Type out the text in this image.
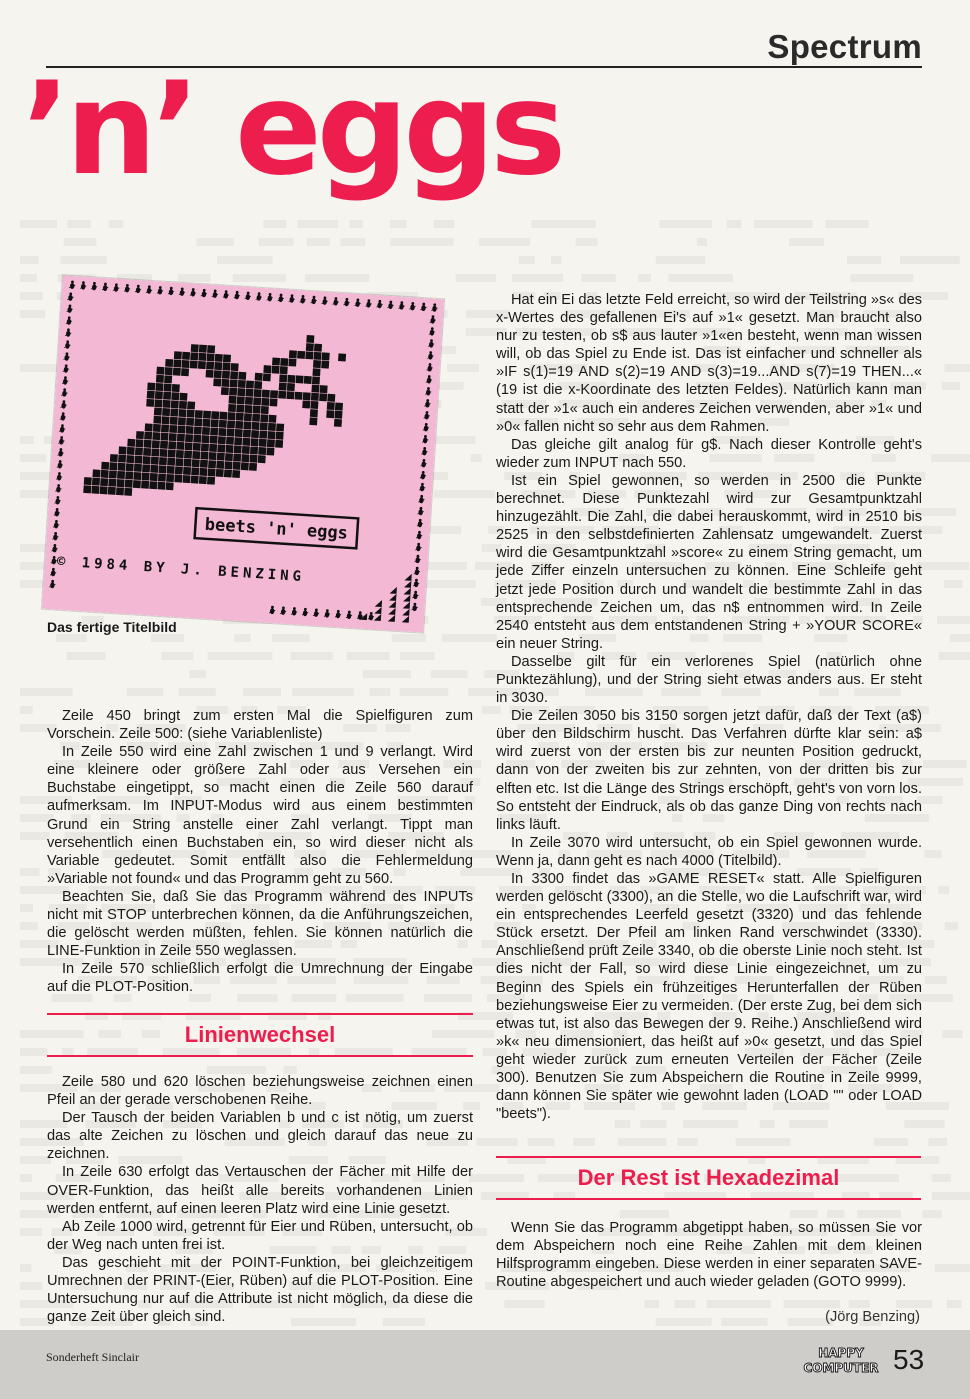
Spectrum
’n’ eggs
beets 'n' eggs
© 1984 BY J. BENZING
Das fertige Titelbild

Zeile 450 bringt zum ersten Mal die Spielfiguren zum Vorschein. Zeile 500: (siehe Variablenliste)

In Zeile 550 wird eine Zahl zwischen 1 und 9 verlangt. Wird eine kleinere oder größere Zahl oder aus Versehen ein Buchstabe eingetippt, so macht einen die Zeile 560 darauf aufmerksam. Im INPUT-Modus wird aus einem bestimmten Grund ein String anstelle einer Zahl verlangt. Tippt man versehentlich einen Buchstaben ein, so wird dieser nicht als Variable gedeutet. Somit entfällt also die Fehlermeldung »Variable not found« und das Programm geht zu 560.

Beachten Sie, daß Sie das Programm während des INPUTs nicht mit STOP unterbrechen können, da die Anführungszeichen, die gelöscht werden müßten, fehlen. Sie können natürlich die LINE-Funktion in Zeile 550 weglassen.

In Zeile 570 schließlich erfolgt die Umrechnung der Eingabe auf die PLOT-Position.

Linienwechsel

Zeile 580 und 620 löschen beziehungsweise zeichnen einen Pfeil an der gerade verschobenen Reihe.

Der Tausch der beiden Variablen b und c ist nötig, um zuerst das alte Zeichen zu löschen und gleich darauf das neue zu zeichnen.

In Zeile 630 erfolgt das Vertauschen der Fächer mit Hilfe der OVER-Funktion, das heißt alle bereits vorhandenen Linien werden entfernt, auf einen leeren Platz wird eine Linie gesetzt.

Ab Zeile 1000 wird, getrennt für Eier und Rüben, untersucht, ob der Weg nach unten frei ist.

Das geschieht mit der POINT-Funktion, bei gleichzeitigem Umrechnen der PRINT-(Eier, Rüben) auf die PLOT-Position. Eine Untersuchung nur auf die Attribute ist nicht möglich, da diese die ganze Zeit über gleich sind.

Hat ein Ei das letzte Feld erreicht, so wird der Teilstring »s« des x-Wertes des gefallenen Ei's auf »1« gesetzt. Man braucht also nur zu testen, ob s$ aus lauter »1«en besteht, wenn man wissen will, ob das Spiel zu Ende ist. Das ist einfacher und schneller als »IF s(1)=19 AND s(2)=19 AND s(3)=19...AND s(7)=19 THEN...« (19 ist die x-Koordinate des letzten Feldes). Natürlich kann man statt der »1« auch ein anderes Zeichen verwenden, aber »1« und »0« fallen nicht so sehr aus dem Rahmen.

Das gleiche gilt analog für g$. Nach dieser Kontrolle geht's wieder zum INPUT nach 550.

Ist ein Spiel gewonnen, so werden in 2500 die Punkte berechnet. Diese Punktezahl wird zur Gesamtpunktzahl hinzugezählt. Die Zahl, die dabei herauskommt, wird in 2510 bis 2525 in den selbstdefinierten Zahlensatz umgewandelt. Zuerst wird die Gesamtpunktzahl »score« zu einem String gemacht, um jede Ziffer einzeln untersuchen zu können. Eine Schleife geht jetzt jede Position durch und wandelt die bestimmte Zahl in das entsprechende Zeichen um, das n$ entnommen wird. In Zeile 2540 entsteht aus dem entstandenen String + »YOUR SCORE« ein neuer String.

Dasselbe gilt für ein verlorenes Spiel (natürlich ohne Punktezählung), und der String sieht etwas anders aus. Er steht in 3030.

Die Zeilen 3050 bis 3150 sorgen jetzt dafür, daß der Text (a$) über den Bildschirm huscht. Das Verfahren dürfte klar sein: a$ wird zuerst von der ersten bis zur neunten Position gedruckt, dann von der zweiten bis zur zehnten, von der dritten bis zur elften etc. Ist die Länge des Strings erschöpft, geht's von vorn los. So entsteht der Eindruck, als ob das ganze Ding von rechts nach links läuft.

In Zeile 3070 wird untersucht, ob ein Spiel gewonnen wurde. Wenn ja, dann geht es nach 4000 (Titelbild).

In 3300 findet das »GAME RESET« statt. Alle Spielfiguren werden gelöscht (3300), an die Stelle, wo die Laufschrift war, wird ein entsprechendes Leerfeld gesetzt (3320) und das fehlende Stück ersetzt. Der Pfeil am linken Rand verschwindet (3330). Anschließend prüft Zeile 3340, ob die oberste Linie noch steht. Ist dies nicht der Fall, so wird diese Linie eingezeichnet, um zu Beginn des Spiels ein frühzeitiges Herunterfallen der Rüben beziehungsweise Eier zu vermeiden. (Der erste Zug, bei dem sich etwas tut, ist also das Bewegen der 9. Reihe.) Anschließend wird »k« neu dimensioniert, das heißt auf »0« gesetzt, und das Spiel geht wieder zurück zum erneuten Verteilen der Fächer (Zeile 300). Benutzen Sie zum Abspeichern die Routine in Zeile 9999, dann können Sie später wie gewohnt laden (LOAD "" oder LOAD "beets").

Der Rest ist Hexadezimal

Wenn Sie das Programm abgetippt haben, so müssen Sie vor dem Abspeichern noch eine Reihe Zahlen mit dem kleinen Hilfsprogramm eingeben. Diese werden in einer separaten SAVE-Routine abgespeichert und auch wieder geladen (GOTO 9999).

(Jörg Benzing)
Sonderheft Sinclair	HAPPY
COMPUTER 53
